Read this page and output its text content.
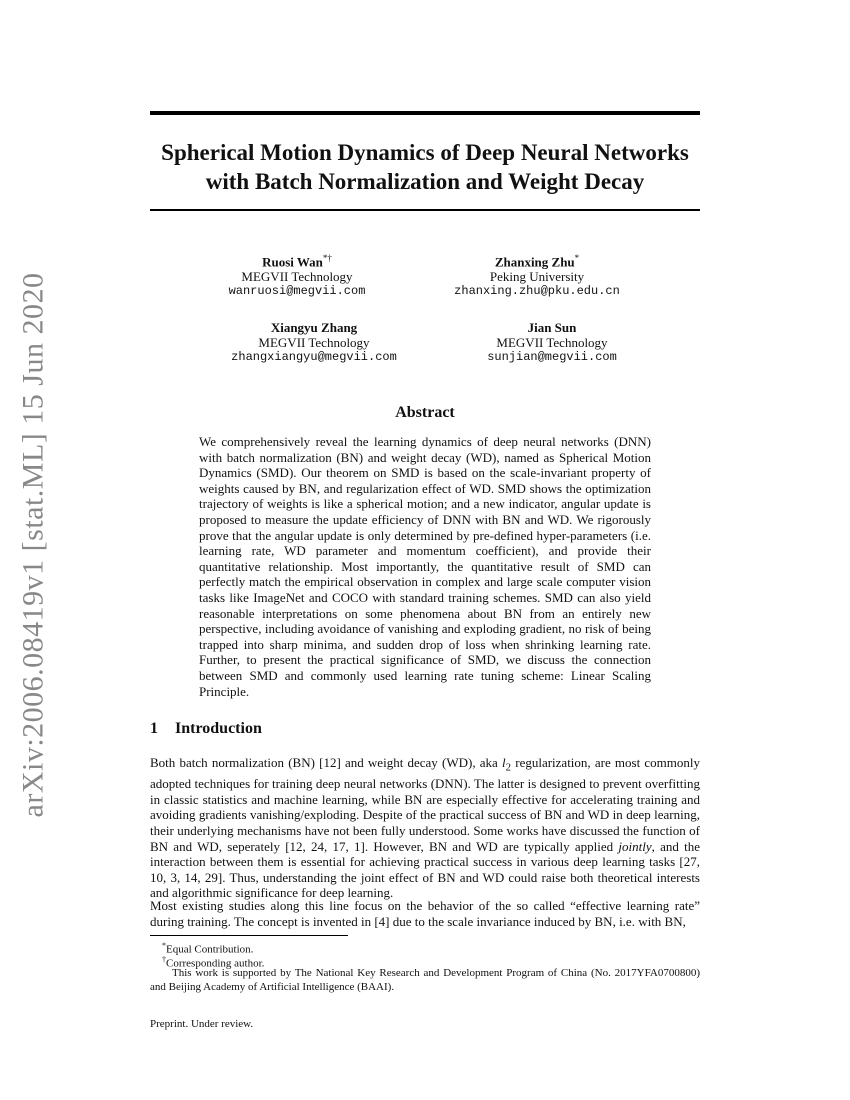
arXiv:2006.08419v1 [stat.ML] 15 Jun 2020
Spherical Motion Dynamics of Deep Neural Networks
with Batch Normalization and Weight Decay
Ruosi Wan*†
MEGVII Technology
wanruosi@megvii.com
Zhanxing Zhu*
Peking University
zhanxing.zhu@pku.edu.cn
Xiangyu Zhang
MEGVII Technology
zhangxiangyu@megvii.com
Jian Sun
MEGVII Technology
sunjian@megvii.com
Abstract

We comprehensively reveal the learning dynamics of deep neural networks (DNN) with batch normalization (BN) and weight decay (WD), named as Spherical Motion Dynamics (SMD). Our theorem on SMD is based on the scale-invariant property of weights caused by BN, and regularization effect of WD. SMD shows the optimization trajectory of weights is like a spherical motion; and a new indicator, angular update is proposed to measure the update efficiency of DNN with BN and WD. We rigorously prove that the angular update is only determined by pre-defined hyper-parameters (i.e. learning rate, WD parameter and momentum coefficient), and provide their quantitative relationship. Most importantly, the quantitative result of SMD can perfectly match the empirical observation in complex and large scale computer vision tasks like ImageNet and COCO with standard training schemes. SMD can also yield reasonable interpretations on some phenomena about BN from an entirely new perspective, including avoidance of vanishing and exploding gradient, no risk of being trapped into sharp minima, and sudden drop of loss when shrinking learning rate. Further, to present the practical significance of SMD, we discuss the connection between SMD and commonly used learning rate tuning scheme: Linear Scaling Principle.

1 Introduction

Both batch normalization (BN) [12] and weight decay (WD), aka $l_2$ regularization, are most commonly adopted techniques for training deep neural networks (DNN). The latter is designed to prevent overfitting in classic statistics and machine learning, while BN are especially effective for accelerating training and avoiding gradients vanishing/exploding. Despite of the practical success of BN and WD in deep learning, their underlying mechanisms have not been fully understood. Some works have discussed the function of BN and WD, seperately [12, 24, 17, 1]. However, BN and WD are typically applied jointly, and the interaction between them is essential for achieving practical success in various deep learning tasks [27, 10, 3, 14, 29]. Thus, understanding the joint effect of BN and WD could raise both theoretical interests and algorithmic significance for deep learning.

Most existing studies along this line focus on the behavior of the so called “effective learning rate” during training. The concept is invented in [4] due to the scale invariance induced by BN, i.e. with BN,

*Equal Contribution.

†Corresponding author.

This work is supported by The National Key Research and Development Program of China (No. 2017YFA0700800) and Beijing Academy of Artificial Intelligence (BAAI).

Preprint. Under review.
